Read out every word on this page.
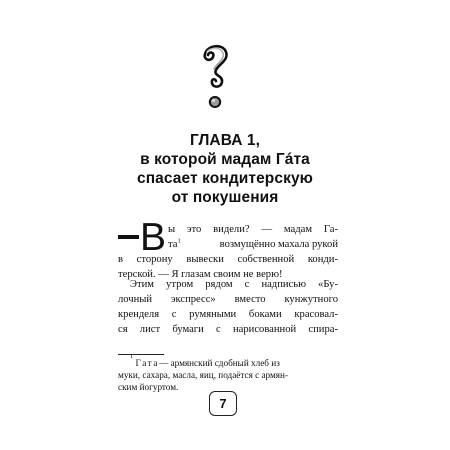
ГЛАВА 1,
в которой мадам Гáта
спасает кондитерскую
от покушения
В ы это видели? — мадам Га-
$та^1$	возмущённо махала рукой
в сторону вывески собственной конди-
терской. — Я глазам своим не верю!
Этим утром рядом с надписью «Бу-
лочный экспресс» вместо кунжутного
кренделя с румяными боками красовал-
ся лист бумаги с нарисованной спира-
1

Гата — армянский сдобный хлеб из
муки, сахара, масла, яиц, подаётся с армян-
ским йогуртом.
7
